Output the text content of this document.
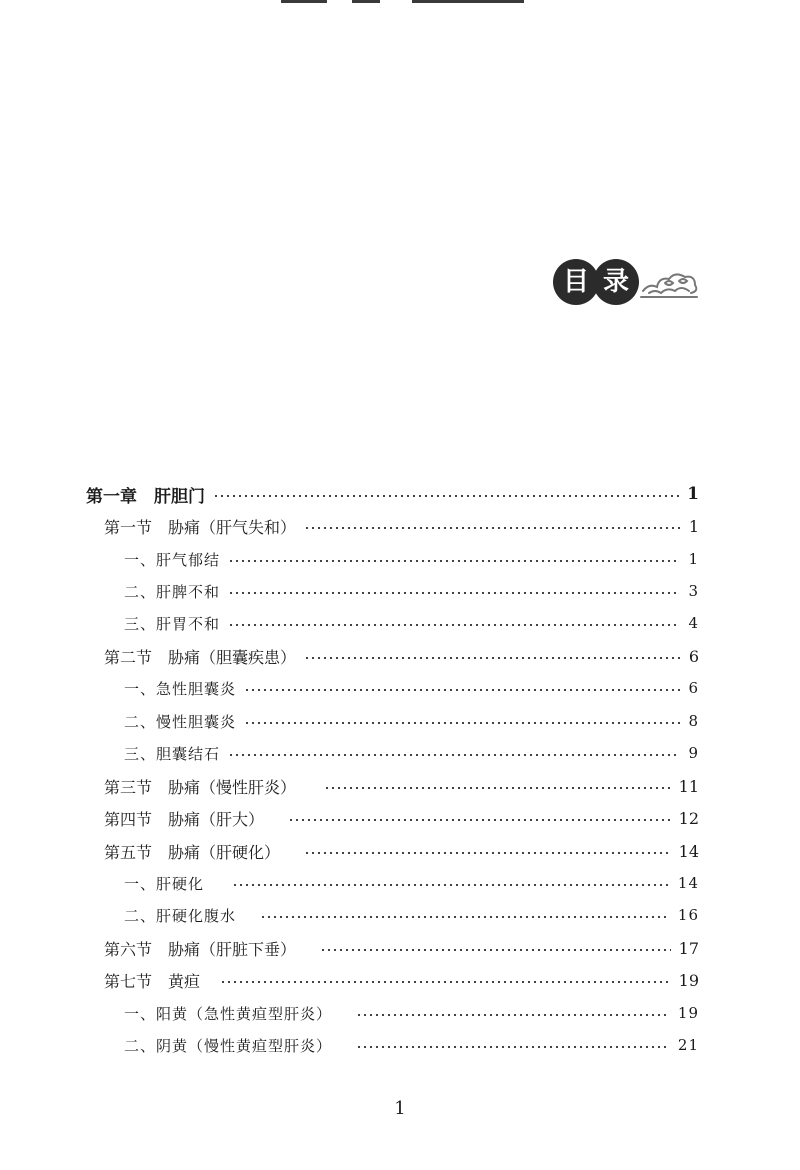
目 录
第一章　肝胆门	1
第一节　胁痛（肝气失和）	1
一、肝气郁结	1
二、肝脾不和	3
三、肝胃不和	4
第二节　胁痛（胆囊疾患）	6
一、急性胆囊炎	6
二、慢性胆囊炎	8
三、胆囊结石	9
第三节　胁痛（慢性肝炎）	11
第四节　胁痛（肝大）	12
第五节　胁痛（肝硬化）	14
一、肝硬化	14
二、肝硬化腹水	16
第六节　胁痛（肝脏下垂）	17
第七节　黄疸	19
一、阳黄（急性黄疸型肝炎）	19
二、阴黄（慢性黄疸型肝炎）	21
1
